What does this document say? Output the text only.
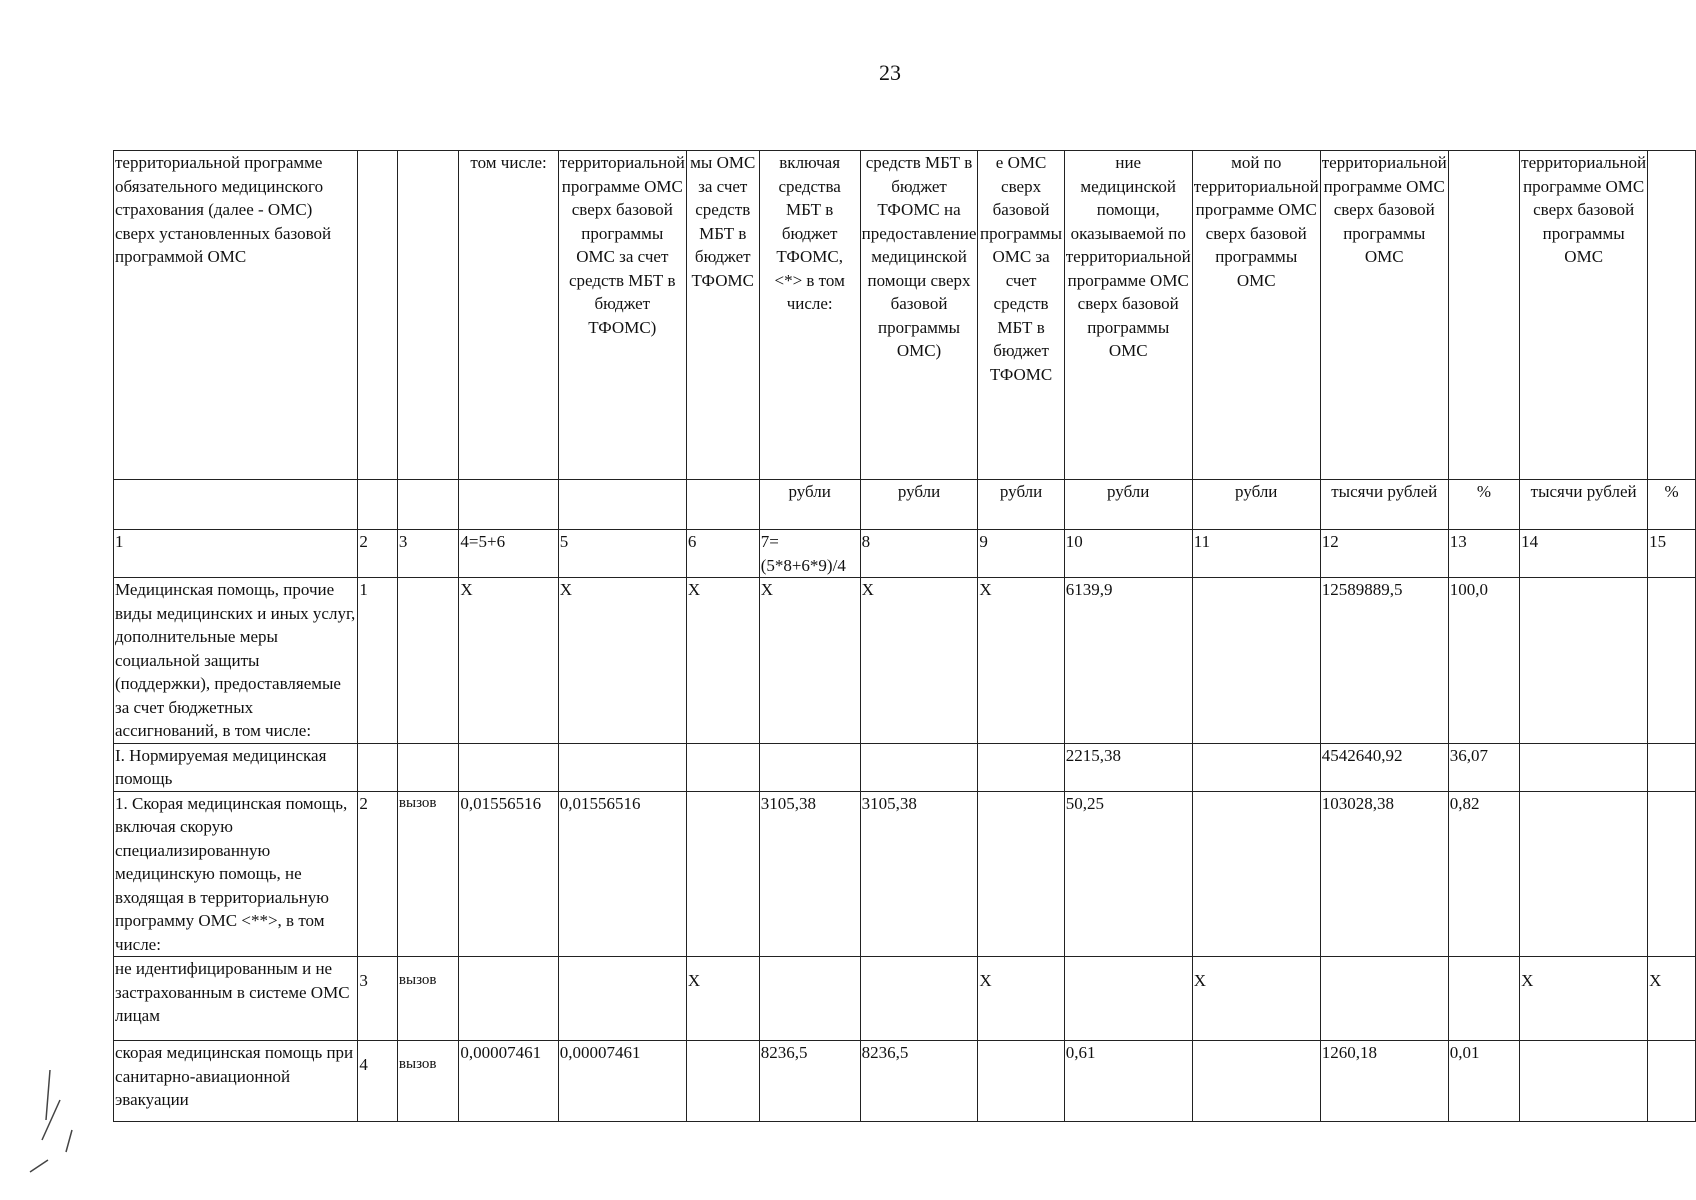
23
территориальной программе обязательного медицинского страхования (далее - ОМС) сверх установленных базовой программой ОМС			том числе:	территориальной программе ОМС сверх базовой программы ОМС за счет средств МБТ в бюджет ТФОМС)	мы ОМС за счет средств МБТ в бюджет ТФОМС	включая средства МБТ в бюджет ТФОМС, <*> в том числе:	средств МБТ в бюджет ТФОМС на предоставление медицинской помощи сверх базовой программы ОМС)	е ОМС сверх базовой программы ОМС за счет средств МБТ в бюджет ТФОМС	ние медицинской помощи, оказываемой по территориальной программе ОМС сверх базовой программы ОМС	мой по территориальной программе ОМС сверх базовой программы ОМС	территориальной программе ОМС сверх базовой программы ОМС		территориальной программе ОМС сверх базовой программы ОМС	
						рубли	рубли	рубли	рубли	рубли	тысячи рублей	%	тысячи рублей	%
1	2	3	4=5+6	5	6	7= (5*8+6*9)/4	8	9	10	11	12	13	14	15
Медицинская помощь, прочие виды медицинских и иных услуг, дополнительные меры социальной защиты (поддержки), предоставляемые за счет бюджетных ассигнований, в том числе:	1		Х	Х	Х	Х	Х	Х	6139,9		12589889,5	100,0		
I. Нормируемая медицинская помощь									2215,38		4542640,92	36,07		
1. Скорая медицинская помощь, включая скорую специализированную медицинскую помощь, не входящая в территориальную программу ОМС <**>, в том числе:	2	вызов	0,01556516	0,01556516		3105,38	3105,38		50,25		103028,38	0,82		
не идентифицированным и не застрахованным в системе ОМС лицам	3	вызов			Х			Х		Х			Х	Х
скорая медицинская помощь при санитарно-авиационной эвакуации	4	вызов	0,00007461	0,00007461		8236,5	8236,5		0,61		1260,18	0,01		
